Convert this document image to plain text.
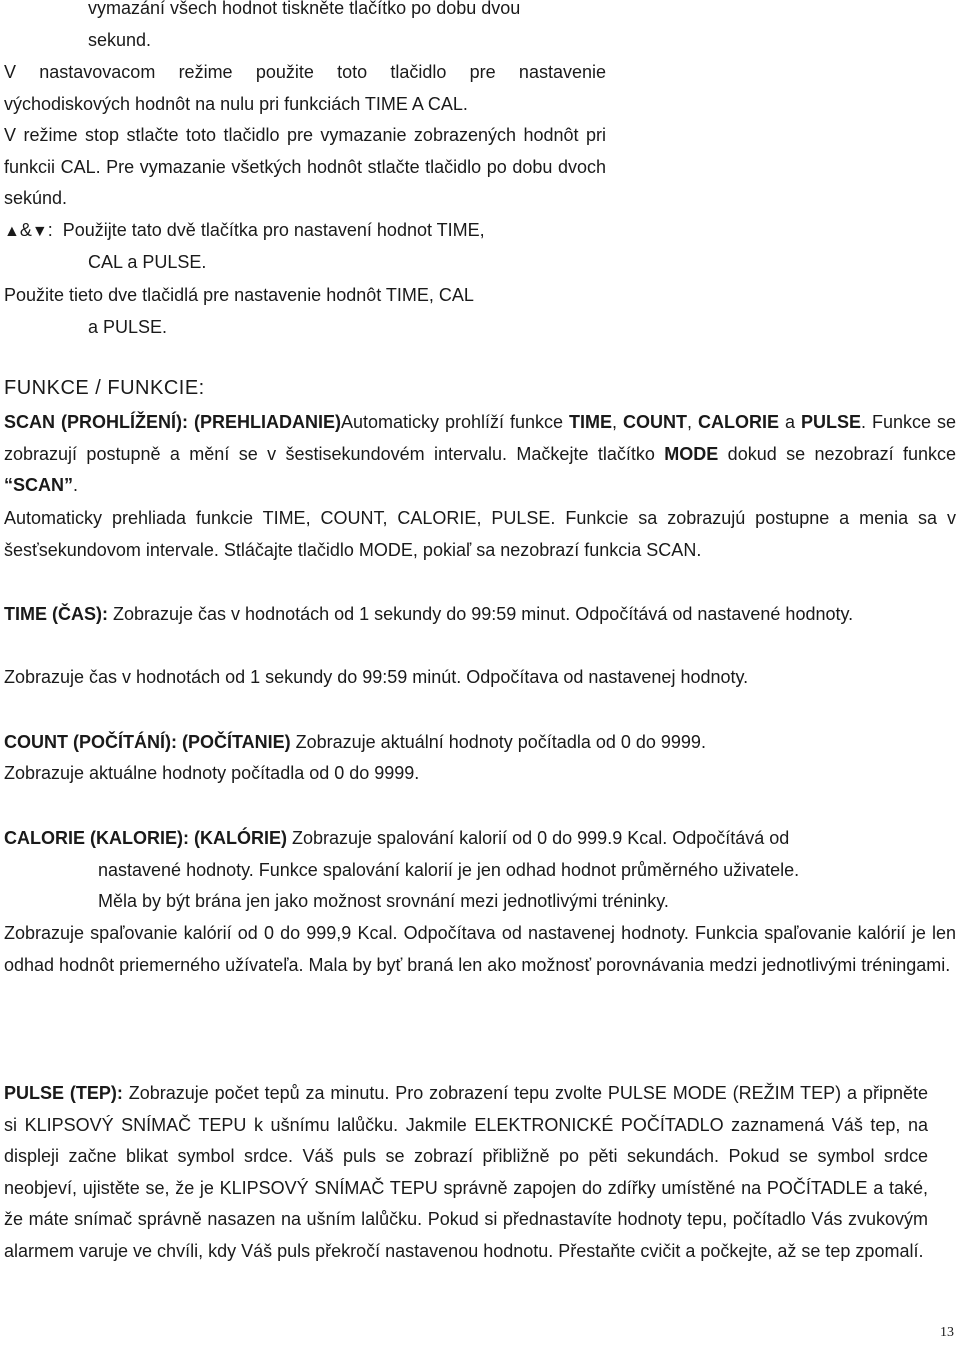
vymazání všech hodnot tiskněte tlačítko po dobu dvou
sekund.

V nastavovacom režime použite toto tlačidlo pre nastavenie východiskových hodnôt na nulu pri funkciách TIME A CAL.

V režime stop stlačte toto tlačidlo pre vymazanie zobrazených hodnôt pri funkcii CAL. Pre vymazanie všetkých hodnôt stlačte tlačidlo po dobu dvoch sekúnd.

▲&▼: Použijte tato dvě tlačítka pro nastavení hodnot TIME,

CAL a PULSE.

Použite tieto dve tlačidlá pre nastavenie hodnôt TIME, CAL

a PULSE.

FUNKCE / FUNKCIE:

SCAN (PROHLÍŽENÍ): (PREHLIADANIE)Automaticky prohlíží funkce TIME, COUNT, CALORIE a PULSE. Funkce se zobrazují postupně a mění se v šestisekundovém intervalu. Mačkejte tlačítko MODE dokud se nezobrazí funkce “SCAN”.

Automaticky prehliada funkcie TIME, COUNT, CALORIE, PULSE. Funkcie sa zobrazujú postupne a menia sa v šesťsekundovom intervale. Stláčajte tlačidlo MODE, pokiaľ sa nezobrazí funkcia SCAN.

TIME (ČAS): Zobrazuje čas v hodnotách od 1 sekundy do 99:59 minut. Odpočítává od nastavené hodnoty.

Zobrazuje čas v hodnotách od 1 sekundy do 99:59 minút. Odpočítava od nastavenej hodnoty.

COUNT (POČÍTÁNÍ): (POČÍTANIE) Zobrazuje aktuální hodnoty počítadla od 0 do 9999.

Zobrazuje aktuálne hodnoty počítadla od 0 do 9999.

CALORIE (KALORIE): (KALÓRIE) Zobrazuje spalování kalorií od 0 do 999.9 Kcal. Odpočítává od

nastavené hodnoty. Funkce spalování kalorií je jen odhad hodnot průměrného uživatele.

Měla by být brána jen jako možnost srovnání mezi jednotlivými tréninky.

Zobrazuje spaľovanie kalórií od 0 do 999,9 Kcal. Odpočítava od nastavenej hodnoty. Funkcia spaľovanie kalórií je len odhad hodnôt priemerného užívateľa. Mala by byť braná len ako možnosť porovnávania medzi jednotlivými tréningami.

PULSE (TEP): Zobrazuje počet tepů za minutu. Pro zobrazení tepu zvolte PULSE MODE (REŽIM TEP) a připněte si KLIPSOVÝ SNÍMAČ TEPU k ušnímu lalůčku. Jakmile ELEKTRONICKÉ POČÍTADLO zaznamená Váš tep, na displeji začne blikat symbol srdce. Váš puls se zobrazí přibližně po pěti sekundách. Pokud se symbol srdce neobjeví, ujistěte se, že je KLIPSOVÝ SNÍMAČ TEPU správně zapojen do zdířky umístěné na POČÍTADLE a také, že máte snímač správně nasazen na ušním lalůčku. Pokud si přednastavíte hodnoty tepu, počítadlo Vás zvukovým alarmem varuje ve chvíli, kdy Váš puls překročí nastavenou hodnotu. Přestaňte cvičit a počkejte, až se tep zpomalí.

13
